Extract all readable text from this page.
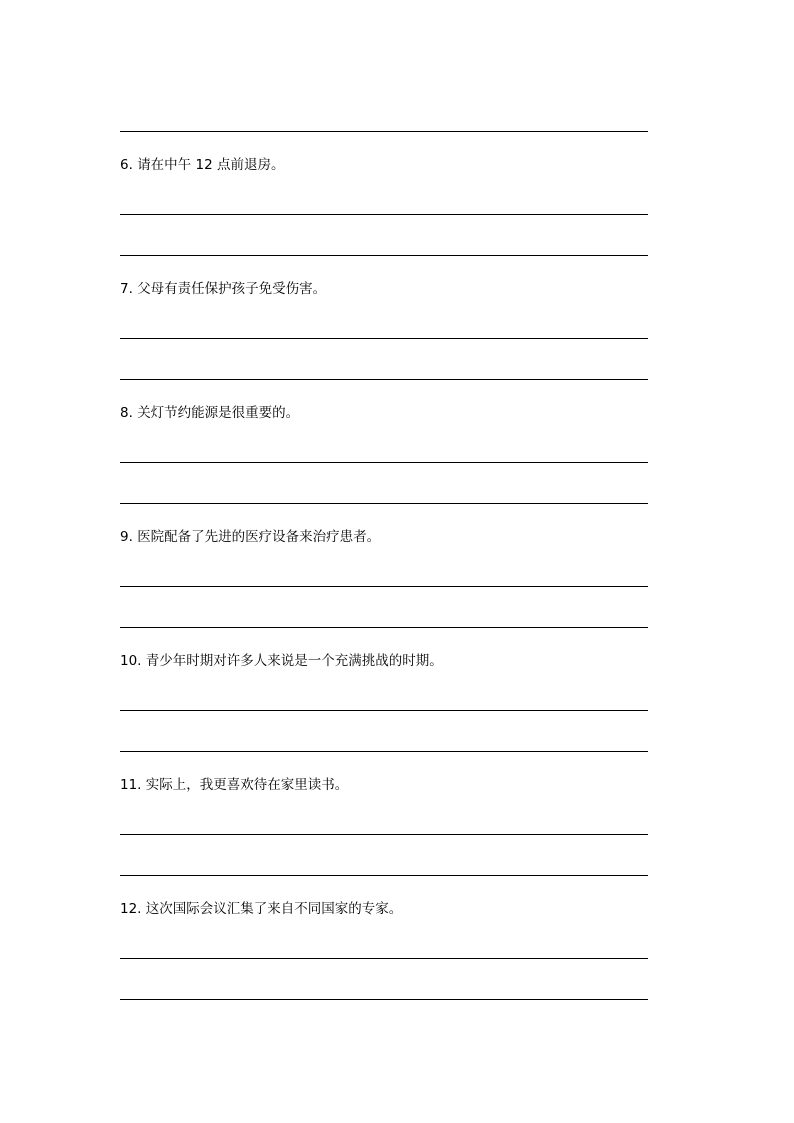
6. 请在中午 12 点前退房。
7. 父母有责任保护孩子免受伤害。
8. 关灯节约能源是很重要的。
9. 医院配备了先进的医疗设备来治疗患者。
10. 青少年时期对许多人来说是一个充满挑战的时期。
11. 实际上，我更喜欢待在家里读书。
12. 这次国际会议汇集了来自不同国家的专家。
